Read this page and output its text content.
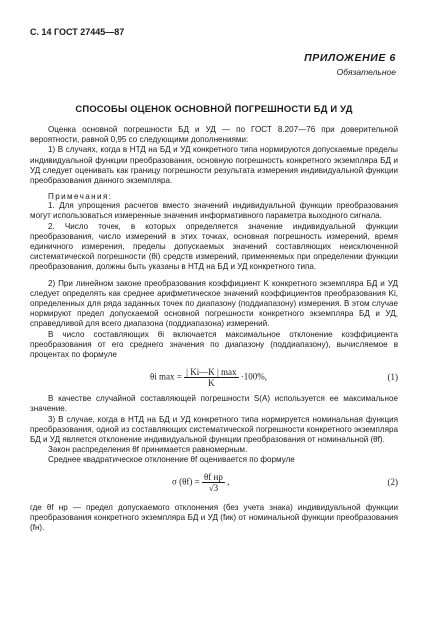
С. 14 ГОСТ 27445—87
ПРИЛОЖЕНИЕ 6
Обязательное
СПОСОБЫ ОЦЕНОК ОСНОВНОЙ ПОГРЕШНОСТИ БД И УД

Оценка основной погрешности БД и УД — по ГОСТ 8.207—76 при доверительной вероятности, равной 0,95 со следующими дополнениями:

1) В случаях, когда в НТД на БД и УД конкретного типа нормируются допускаемые пределы индивидуальной функции преобразования, основную погрешность конкретного экземпляра БД и УД следует оценивать как границу погрешности результата измерения индивидуальной функции преобразования данного экземпляра.

Примечания:

1. Для упрощения расчетов вместо значений индивидуальной функции преобразования могут использоваться измеренные значения информативного параметра выходного сигнала.

2. Число точек, в которых определяется значение индивидуальной функции преобразования, число измерений в этих точках, основная погрешность измерений, время единичного измерения, пределы допускаемых значений составляющих неисключенной систематической погрешности (θi) средств измерений, применяемых при определении функции преобразования, должны быть указаны в НТД на БД и УД конкретного типа.

2) При линейном законе преобразования коэффициент K конкретного экземпляра БД и УД следует определять как среднее арифметическое значений коэффициентов преобразования Ki, определенных для ряда заданных точек по диапазону (поддиапазону) измерения. В этом случае нормируют предел допускаемой основной погрешности конкретного экземпляра БД и УД, справедливой для всего диапазона (поддиапазона) измерений.

В число составляющих θi включается максимальное отклонение коэффициента преобразования от его среднего значения по диапазону (поддиапазону), вычисляемое в процентах по формуле

θi $\max = \frac{| Ki—K | \max}{K} \cdot 100\%$,	(1)

В качестве случайной составляющей погрешности S(A) используется ее максимальное значение.

3) В случае, когда в НТД на БД и УД конкретного типа нормируется номинальная функция преобразования, одной из составляющих систематической погрешности конкретного экземпляра БД и УД является отклонение индивидуальной функции преобразования от номинальной (θf).

Закон распределения θf принимается равномерным.

Среднее квадратическое отклонение θf оценивается по формуле

σ $(\theta f) = \frac{\text{θf нр}}{√3}$ ,	(2)

где θf нр — предел допускаемого отклонения (без учета знака) индивидуальной функции преобразования конкретного экземпляра БД и УД (fик) от номинальной функции преобразования (fн).
